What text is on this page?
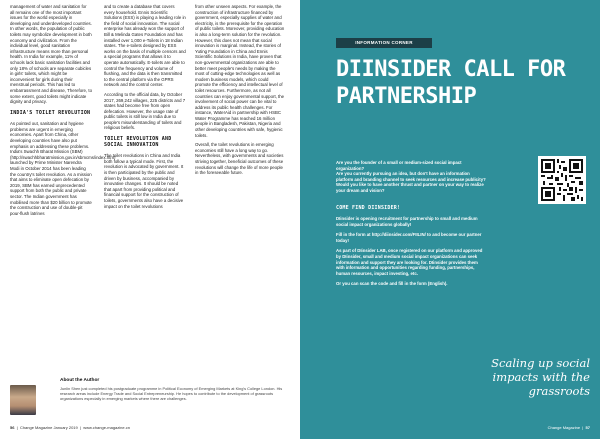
management of water and sanitation for all remains one of the most important issues for the world especially in developing and underdeveloped countries. In other words, the population of public toilets may symbolize development in both economy and civilization. From the individual level, good sanitation infrastructure means more than personal health. In India for example, 11% of schools lack basic sanitation facilities and only 18% of schools are separate cubicles in girls' toilets, which might be inconvenient for girls during their menstrual periods. This has led to embarrassment and disease, Therefore, to some extent, good toilets might indicate dignity and privacy.

INDIA'S TOILET REVOLUTION

As pointed out, sanitation and hygiene problems are urgent in emerging economies. Apart from China, other developing countries have also put emphasis on addressing these problems. India's Swachh Bharat Mission (SBM) (http://swachhbharatmission.gov.in/sbmcms/index.htm) launched by Prime Minister Narendra Modi in October 2014 has been leading the country's toilet revolution. As a mission that aims to eliminate open defecation by 2019, SBM has earned unprecedented support from both the public and private sector. The Indian government has mobilised more than $20 billion to promote the construction and use of double-pit pour-flush latrines

and to create a database that covers every household. Ennis Scientific Solutions (ESS) is playing a leading role in the field of social innovation. The social enterprise has already won the support of Bill & Melinda Gates Foundation and has installed over 1,000 e-Toilets in 18 Indian states. The e-toilets designed by ESS works on the basis of multiple censors and a special programs that allows it to operate automatically. E-toilets are able to control the frequency and volume of flushing, and the data is then transmitted to the central platform via the GPRS network and the control center.

According to the official data, by October 2017, 269,242 villages, 225 districts and 7 states had become free from open defecation. However, the usage rate of public toilets is still low in India due to people's misunderstanding of toilets and religious beliefs.

TOILET REVOLUTION AND SOCIAL INNOVATION

The toilet revolutions in China and India both follow a typical mode. First, the revolution is advocated by government. It is then participated by the public and driven by business, accompanied by innovative changes. It should be noted that apart from providing political and financial support for the construction of toilets, governments also have a decisive impact on the toilet revolutions

from other unseen aspects. For example, the construction of infrastructure financed by government, especially supplies of water and electricity, is the prerequisite for the operation of public toilets. Moreover, providing education is also a long-term solution for the revolution. However, this does not mean that social innovation is marginal. Instead, the stories of Yuting Foundation in China and Ennis Scientific Solutions in India, have proven that non-governmental organizations are able to better meet people's needs by making the most of cutting-edge technologies as well as modern business models, which could promote the efficiency and intellectual level of toilet resources. Furthermore, as not all countries can enjoy governmental support, the involvement of social power can be vital to address its public health challenges. For instance, WaterAid in partnership with HSBC Water Programme has reached 16 million people in Bangladesh, Pakistan, Nigeria and other developing countries with safe, hygienic toilets.

Overall, the toilet revolutions in emerging economies still have a long way to go. Nevertheless, with governments and societies striving together, beneficial outcomes of these revolutions will change the life of more people in the foreseeable future.

About the Author
Junlin Shen just completed his postgraduate programme in Political Economy of Emerging Markets at King's College London. His research areas include Energy Trade and Social Entrepreneurship. He hopes to contribute to the development of grassroots organizations especially in emerging markets where there are challenges.
56  |  Change Magazine January 2019  |  www.change-magazine.cn
INFORMATION CORNER
DIINSIDER CALL FOR PARTNERSHIP

Are you the founder of a small or medium-sized social impact organization?

Are you currently pursuing an idea, but don't have an information platform and branding channel to seek resources and increase publicity?

Would you like to have another thrust and partner on your way to realize your dream and vision?

COME FIND DIINSIDER!

DIinsider is opening recruitment for partnership to small and medium social impact organizations globally!

Fill in the form at http://diinsider.com/FIILIN/ to and become our partner today!

As part of DIinsider LAB, once registered on our platform and approved by DIinsider, small and medium social impact organizations can seek information and support they are looking for. DIinsider provides them with information and opportunities regarding funding, partnerships, human resources, impact investing, etc.

Or you can scan the code and fill in the form (English).

Scaling up social impacts with the grassroots
Change Magazine  |  57
